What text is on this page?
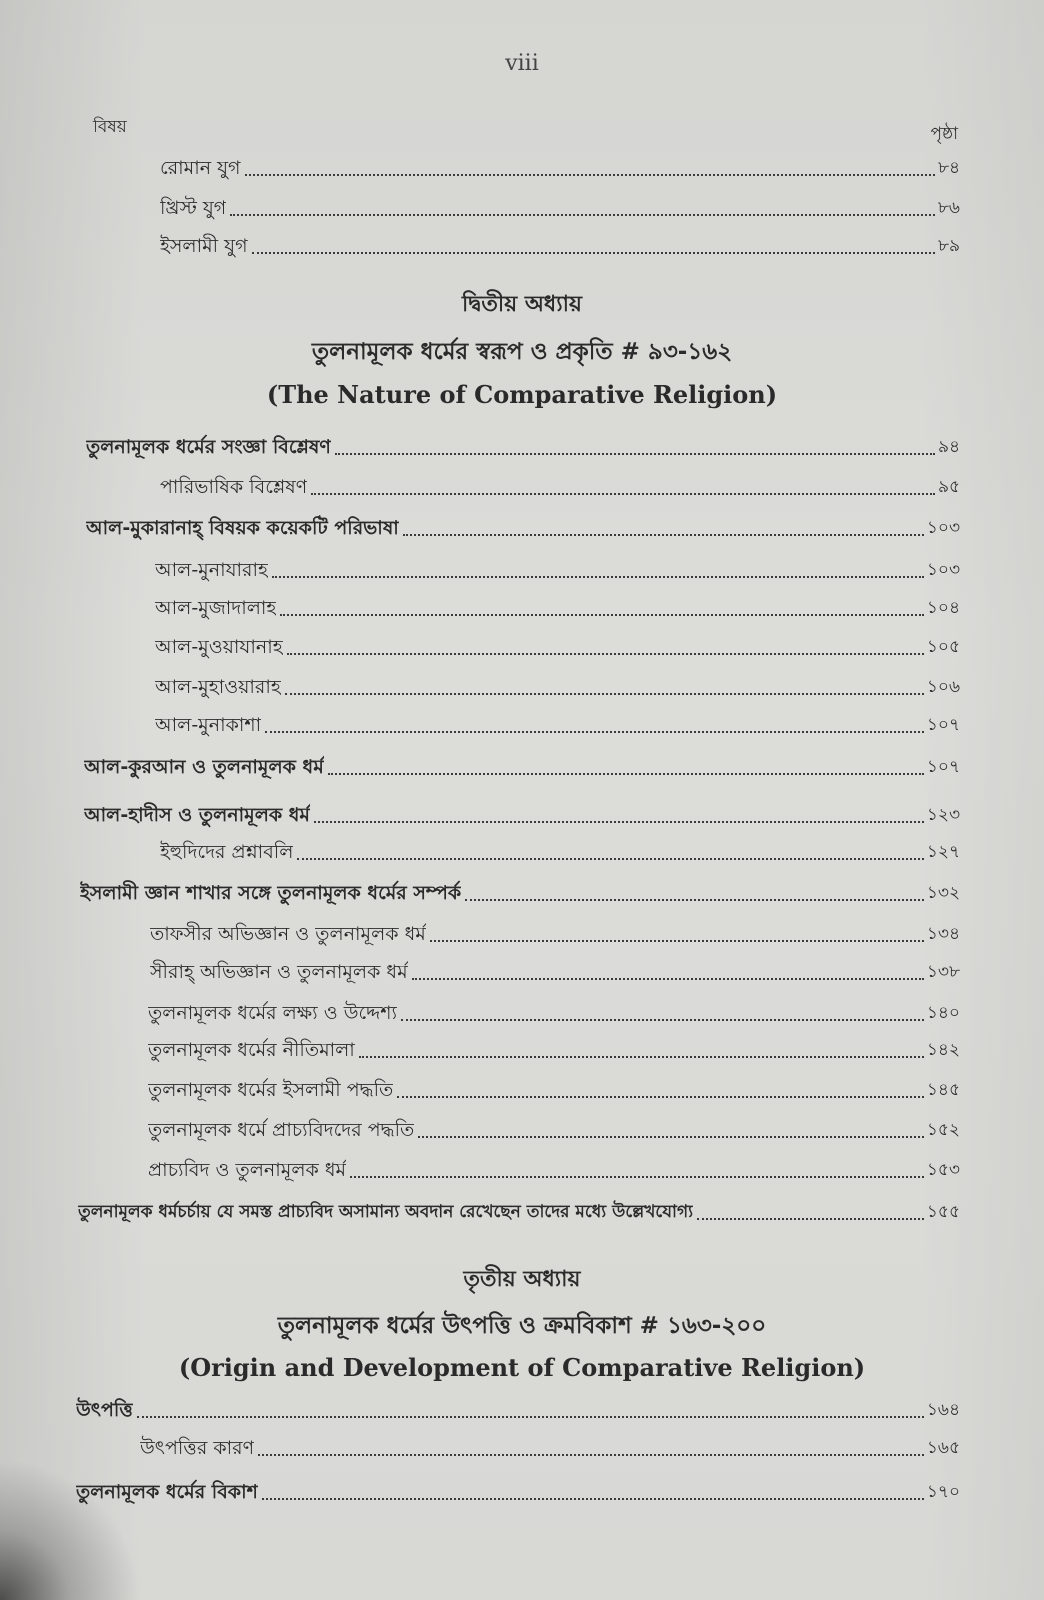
viii
বিষয়	পৃষ্ঠা
রোমান যুগ	৮৪
খ্রিস্ট যুগ	৮৬
ইসলামী যুগ	৮৯
দ্বিতীয় অধ্যায়
তুলনামূলক ধর্মের স্বরূপ ও প্রকৃতি # ৯৩-১৬২
(The Nature of Comparative Religion)
তুলনামূলক ধর্মের সংজ্ঞা বিশ্লেষণ	৯৪
পারিভাষিক বিশ্লেষণ	৯৫
আল-মুকারানাহ্ বিষয়ক কয়েকটি পরিভাষা	১০৩
আল-মুনাযারাহ	১০৩
আল-মুজাদালাহ	১০৪
আল-মুওয়াযানাহ	১০৫
আল-মুহাওয়ারাহ	১০৬
আল-মুনাকাশা	১০৭
আল-কুরআন ও তুলনামূলক ধর্ম	১০৭
আল-হাদীস ও তুলনামূলক ধর্ম	১২৩
ইহুদিদের প্রশ্নাবলি	১২৭
ইসলামী জ্ঞান শাখার সঙ্গে তুলনামূলক ধর্মের সম্পর্ক	১৩২
তাফসীর অভিজ্ঞান ও তুলনামূলক ধর্ম	১৩৪
সীরাহ্ অভিজ্ঞান ও তুলনামূলক ধর্ম	১৩৮
তুলনামূলক ধর্মের লক্ষ্য ও উদ্দেশ্য	১৪০
তুলনামূলক ধর্মের নীতিমালা	১৪২
তুলনামূলক ধর্মের ইসলামী পদ্ধতি	১৪৫
তুলনামূলক ধর্মে প্রাচ্যবিদদের পদ্ধতি	১৫২
প্রাচ্যবিদ ও তুলনামূলক ধর্ম	১৫৩
তুলনামূলক ধর্মচর্চায় যে সমস্ত প্রাচ্যবিদ অসামান্য অবদান রেখেছেন তাদের মধ্যে উল্লেখযোগ্য	১৫৫
তৃতীয় অধ্যায়
তুলনামূলক ধর্মের উৎপত্তি ও ক্রমবিকাশ # ১৬৩-২০০
(Origin and Development of Comparative Religion)
উৎপত্তি	১৬৪
উৎপত্তির কারণ	১৬৫
তুলনামূলক ধর্মের বিকাশ	১৭০
